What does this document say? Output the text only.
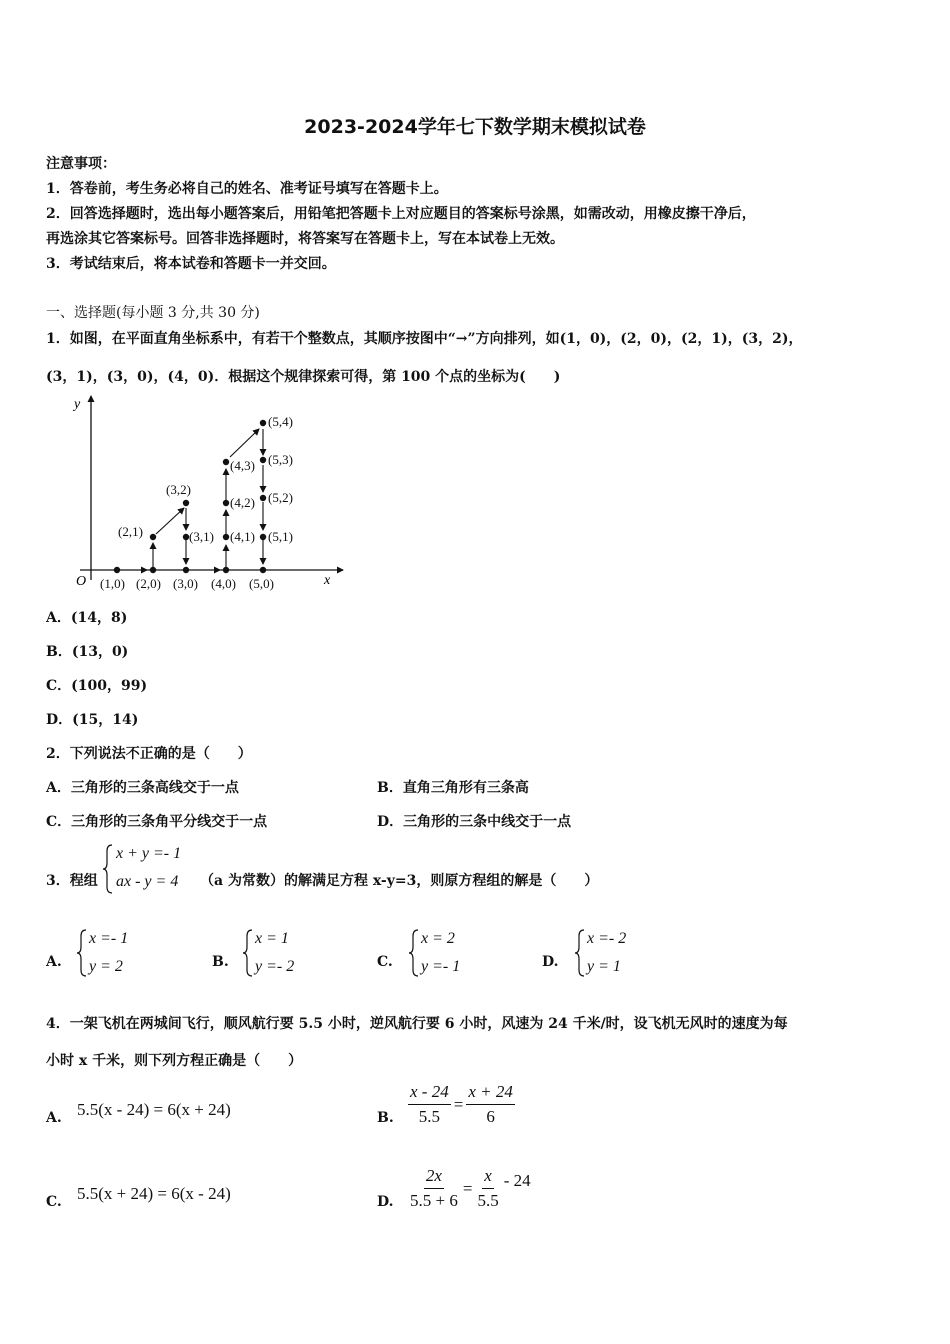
2023-2024学年七下数学期末模拟试卷
注意事项：
1．答卷前，考生务必将自己的姓名、准考证号填写在答题卡上。
2．回答选择题时，选出每小题答案后，用铅笔把答题卡上对应题目的答案标号涂黑，如需改动，用橡皮擦干净后，
再选涂其它答案标号。回答非选择题时，将答案写在答题卡上，写在本试卷上无效。
3．考试结束后，将本试卷和答题卡一并交回。
一、选择题(每小题 3 分,共 30 分)
1．如图，在平面直角坐标系中，有若干个整数点，其顺序按图中“→”方向排列，如(1，0)，(2，0)，(2，1)，(3，2)，
(3，1)，(3，0)，(4，0)．根据这个规律探索可得，第 100 个点的坐标为(　　)
y
x
O (1,0) (2,0) (3,0) (4,0) (5,0)
(2,1)
(3,2)
(3,1) (4,1)
(4,2)
(4,3)
(5,4)
(5,3)
(5,2)
(5,1)
A．(14，8)
B．(13，0)
C．(100，99)
D．(15，14)
2．下列说法不正确的是（　　）
A．三角形的三条高线交于一点	B．直角三角形有三条高
C．三角形的三条角平分线交于一点	D．三角形的三条中线交于一点
3．程组
x + y =- 1
ax - y = 4 （a 为常数）的解满足方程 x-y=3，则原方程组的解是（　　）
A.
x =- 1
y = 2	B.
x = 1
y =- 2	C.
x = 2
y =- 1	D.
x =- 2
y = 1
4．一架飞机在两城间飞行，顺风航行要 5.5 小时，逆风航行要 6 小时，风速为 24 千米/时，设飞机无风时的速度为每
小时 x 千米，则下列方程正确是（　　）
A. 5.5(x - 24) = 6(x + 24)	B. $\frac{x - 24}{5.5} = \frac{x + 24}{6}$
C. 5.5(x + 24) = 6(x - 24)	D. $\frac{2x}{5.5 + 6} = \frac{x}{5.5} - 24$
